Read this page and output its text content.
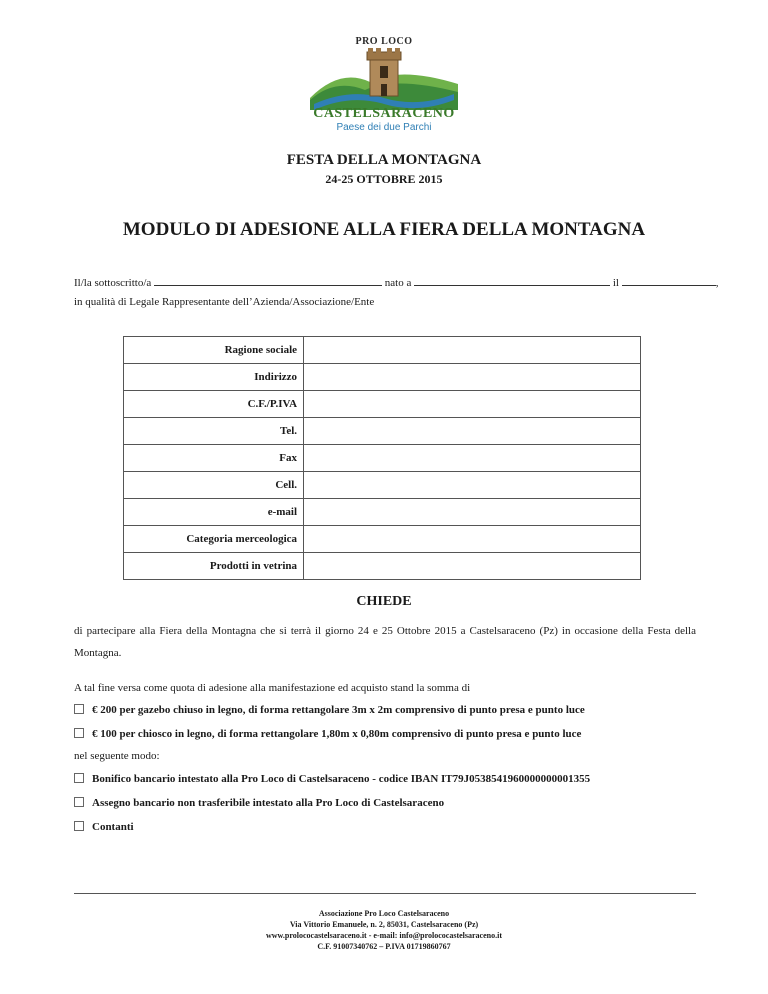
PRO LOCO
CASTELSARACENO
Paese dei due Parchi
FESTA DELLA MONTAGNA
24-25 OTTOBRE 2015
MODULO DI ADESIONE ALLA FIERA DELLA MONTAGNA
Il/la sottoscritto/a	nato a	il	,
in qualità di Legale Rappresentante dell’Azienda/Associazione/Ente
Ragione sociale	
Indirizzo	
C.F./P.IVA	
Tel.	
Fax	
Cell.	
e-mail	
Categoria merceologica	
Prodotti in vetrina	
CHIEDE
di partecipare alla Fiera della Montagna che si terrà il giorno 24 e 25 Ottobre 2015 a Castelsaraceno (Pz) in occasione della Festa della Montagna.
A tal fine versa come quota di adesione alla manifestazione ed acquisto stand la somma di
€ 200 per gazebo chiuso in legno, di forma rettangolare 3m x 2m comprensivo di punto presa e punto luce
€ 100 per chiosco in legno, di forma rettangolare 1,80m x 0,80m comprensivo di punto presa e punto luce
nel seguente modo:
Bonifico bancario intestato alla Pro Loco di Castelsaraceno - codice IBAN IT79J0538541960000000001355
Assegno bancario non trasferibile intestato alla Pro Loco di Castelsaraceno
Contanti
Associazione Pro Loco Castelsaraceno
Via Vittorio Emanuele, n. 2, 85031, Castelsaraceno (Pz)
www.prolococastelsaraceno.it - e-mail: info@prolococastelsaraceno.it
C.F. 91007340762 – P.IVA 01719860767
